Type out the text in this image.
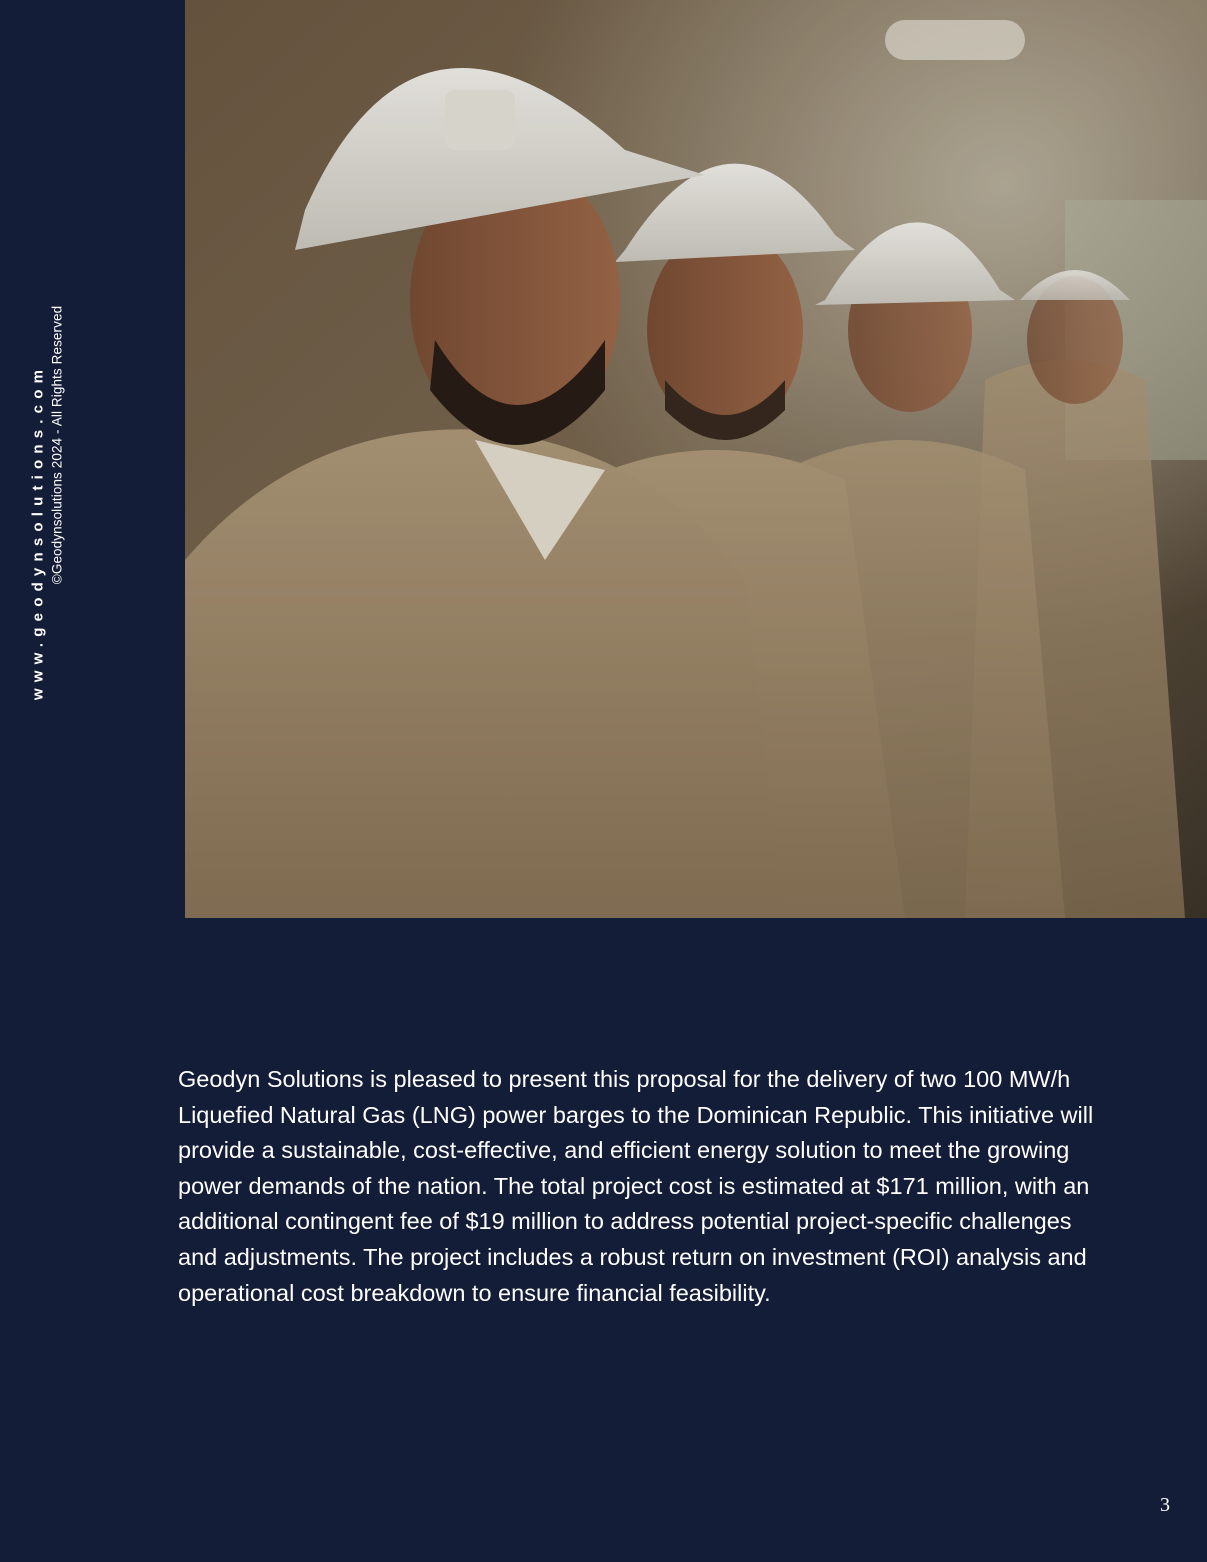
www.geodynsolutions.com ©Geodynsolutions 2024 - All Rights Reserved

Geodyn Solutions is pleased to present this proposal for the delivery of two 100 MW/h Liquefied Natural Gas (LNG) power barges to the Dominican Republic. This initiative will provide a sustainable, cost-effective, and efficient energy solution to meet the growing power demands of the nation. The total project cost is estimated at $171 million, with an additional contingent fee of $19 million to address potential project-specific challenges and adjustments. The project includes a robust return on investment (ROI) analysis and operational cost breakdown to ensure financial feasibility.

3
